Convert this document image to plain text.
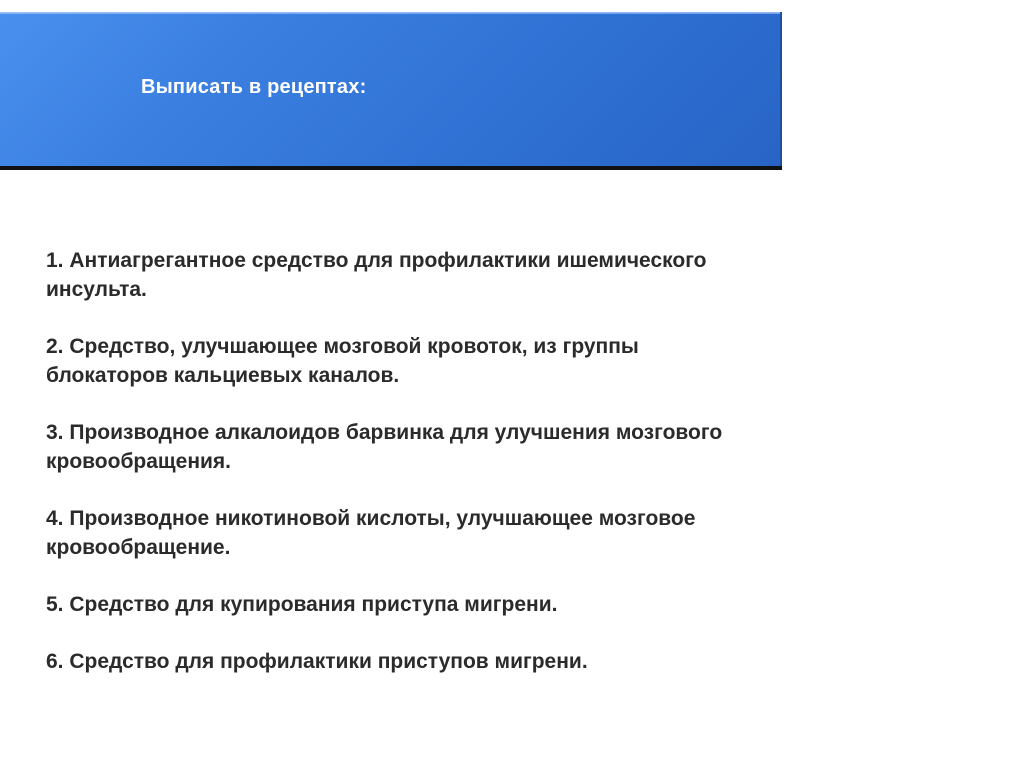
Выписать в рецептах:
1. Антиагрегантное средство для профилактики ишемического
инсульта.
2. Средство, улучшающее мозговой кровоток, из группы
блокаторов кальциевых каналов.
3. Производное алкалоидов барвинка для улучшения мозгового
кровообращения.
4. Производное никотиновой кислоты, улучшающее мозговое
кровообращение.
5. Средство для купирования приступа мигрени.
6. Средство для профилактики приступов мигрени.
